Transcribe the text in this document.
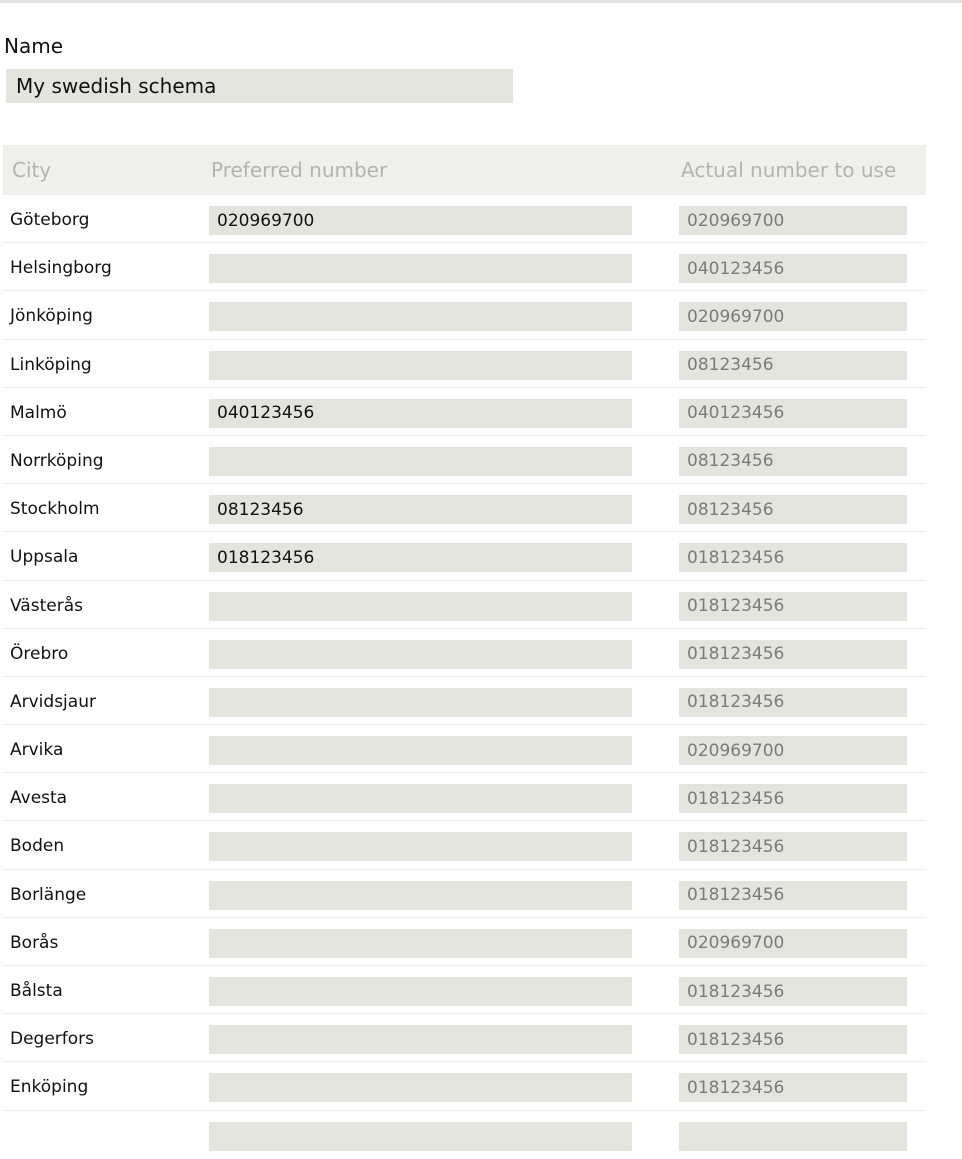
Name
My swedish schema
City	Preferred number	Actual number to use
Göteborg
020969700
020969700
Helsingborg
040123456
Jönköping
020969700
Linköping
08123456
Malmö
040123456
040123456
Norrköping
08123456
Stockholm
08123456
08123456
Uppsala
018123456
018123456
Västerås
018123456
Örebro
018123456
Arvidsjaur
018123456
Arvika
020969700
Avesta
018123456
Boden
018123456
Borlänge
018123456
Borås
020969700
Bålsta
018123456
Degerfors
018123456
Enköping
018123456
